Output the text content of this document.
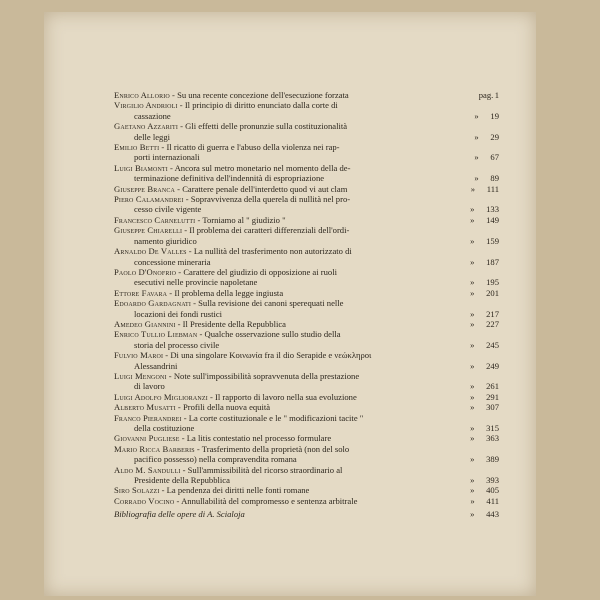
Enrico Allorio - Su una recente concezione dell'esecuzione forzata	pag.1
Virgilio Andrioli - Il principio di diritto enunciato dalla corte di
cassazione	» 19
Gaetano Azzariti - Gli effetti delle pronunzie sulla costituzionalità
delle leggi	» 29
Emilio Betti - Il ricatto di guerra e l'abuso della violenza nei rap-
porti internazionali	» 67
Luigi Biamonti - Ancora sul metro monetario nel momento della de-
terminazione definitiva dell'indennità di espropriazione	» 89
Giuseppe Branca - Carattere penale dell'interdetto quod vi aut clam	» 111
Piero Calamandrei - Sopravvivenza della querela di nullità nel pro-
cesso civile vigente	» 133
Francesco Carnelutti - Torniamo al " giudizio "	» 149
Giuseppe Chiarelli - Il problema dei caratteri differenziali dell'ordi-
namento giuridico	» 159
Arnaldo De Valles - La nullità del trasferimento non autorizzato di
concessione mineraria	» 187
Paolo D'Onofrio - Carattere del giudizio di opposizione ai ruoli
esecutivi nelle provincie napoletane	» 195
Ettore Favara - Il problema della legge ingiusta	» 201
Edoardo Gardagnati - Sulla revisione dei canoni sperequati nelle
locazioni dei fondi rustici	» 217
Amedeo Giannini - Il Presidente della Repubblica	» 227
Enrico Tullio Liebman - Qualche osservazione sullo studio della
storia del processo civile	» 245
Fulvio Maroi - Di una singolare Κοινωνία fra il dio Serapide e νεώκληροι
Alessandrini	» 249
Luigi Mengoni - Note sull'impossibilità sopravvenuta della prestazione
di lavoro	» 261
Luigi Adolfo Miglioranzi - Il rapporto di lavoro nella sua evoluzione	» 291
Alberto Musatti - Profili della nuova equità	» 307
Franco Pierandrei - La corte costituzionale e le " modificazioni tacite "
della costituzione	» 315
Giovanni Pugliese - La litis contestatio nel processo formulare	» 363
Mario Ricca Barberis - Trasferimento della proprietà (non del solo
pacifico possesso) nella compravendita romana	» 389
Aldo M. Sandulli - Sull'ammissibilità del ricorso straordinario al
Presidente della Repubblica	» 393
Siro Solazzi - La pendenza dei diritti nelle fonti romane	» 405
Corrado Vocino - Annullabilità del compromesso e sentenza arbitrale	» 411
Bibliografia delle opere di A. Scialoja	» 443
